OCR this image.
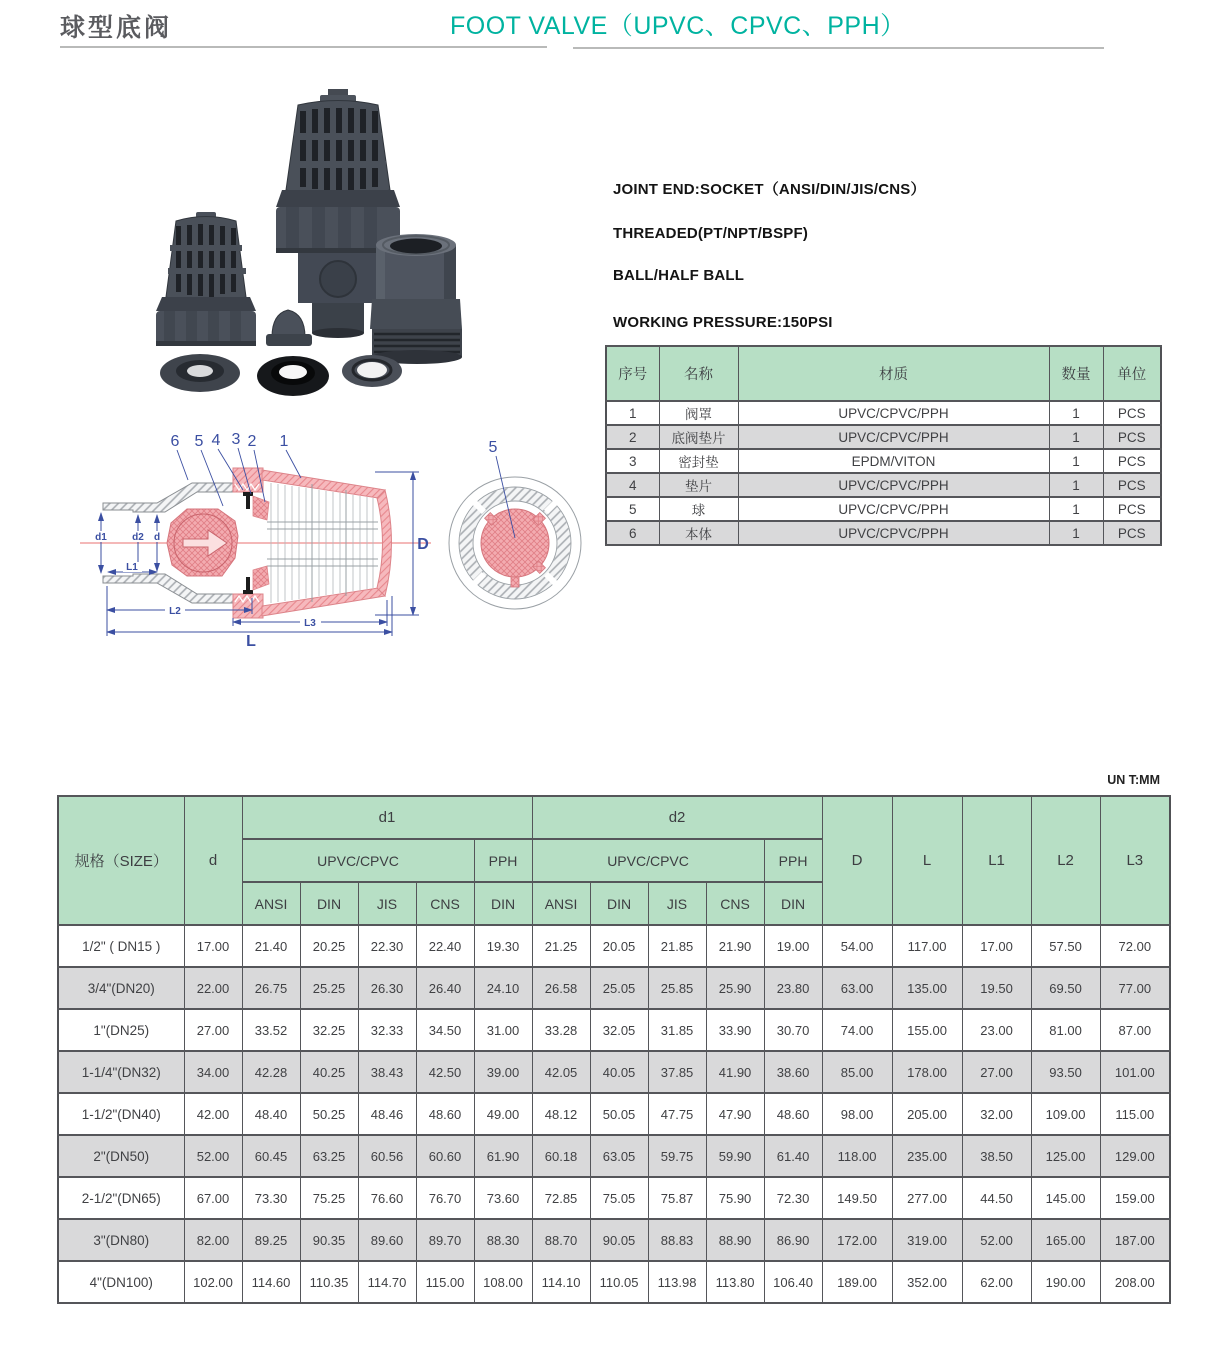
球型底阀	FOOT VALVE（UPVC、CPVC、PPH）
JOINT END:SOCKET（ANSI/DIN/JIS/CNS）
THREADED(PT/NPT/BSPF)
BALL/HALF BALL
WORKING PRESSURE:150PSI
序号	名称	材质	数量	单位
1	阀罩	UPVC/CPVC/PPH	1	PCS
2	底阀垫片	UPVC/CPVC/PPH	1	PCS
3	密封垫	EPDM/VITON	1	PCS
4	垫片	UPVC/CPVC/PPH	1	PCS
5	球	UPVC/CPVC/PPH	1	PCS
6	本体	UPVC/CPVC/PPH	1	PCS
d1	d2 d
L1
L2
L3
L
D
6 5 4 3 2 1	5
UN T:MM
规格（SIZE）	d	d1					d2					D	L	L1	L2	L3
		UPVC/CPVC				PPH	UPVC/CPVC				PPH					
		ANSI	DIN	JIS	CNS	DIN	ANSI	DIN	JIS	CNS	DIN					
1/2" ( DN15 )	17.00	21.40	20.25	22.30	22.40	19.30	21.25	20.05	21.85	21.90	19.00	54.00	117.00	17.00	57.50	72.00
3/4"(DN20)	22.00	26.75	25.25	26.30	26.40	24.10	26.58	25.05	25.85	25.90	23.80	63.00	135.00	19.50	69.50	77.00
1"(DN25)	27.00	33.52	32.25	32.33	34.50	31.00	33.28	32.05	31.85	33.90	30.70	74.00	155.00	23.00	81.00	87.00
1-1/4"(DN32)	34.00	42.28	40.25	38.43	42.50	39.00	42.05	40.05	37.85	41.90	38.60	85.00	178.00	27.00	93.50	101.00
1-1/2"(DN40)	42.00	48.40	50.25	48.46	48.60	49.00	48.12	50.05	47.75	47.90	48.60	98.00	205.00	32.00	109.00	115.00
2"(DN50)	52.00	60.45	63.25	60.56	60.60	61.90	60.18	63.05	59.75	59.90	61.40	118.00	235.00	38.50	125.00	129.00
2-1/2"(DN65)	67.00	73.30	75.25	76.60	76.70	73.60	72.85	75.05	75.87	75.90	72.30	149.50	277.00	44.50	145.00	159.00
3"(DN80)	82.00	89.25	90.35	89.60	89.70	88.30	88.70	90.05	88.83	88.90	86.90	172.00	319.00	52.00	165.00	187.00
4"(DN100)	102.00	114.60	110.35	114.70	115.00	108.00	114.10	110.05	113.98	113.80	106.40	189.00	352.00	62.00	190.00	208.00
